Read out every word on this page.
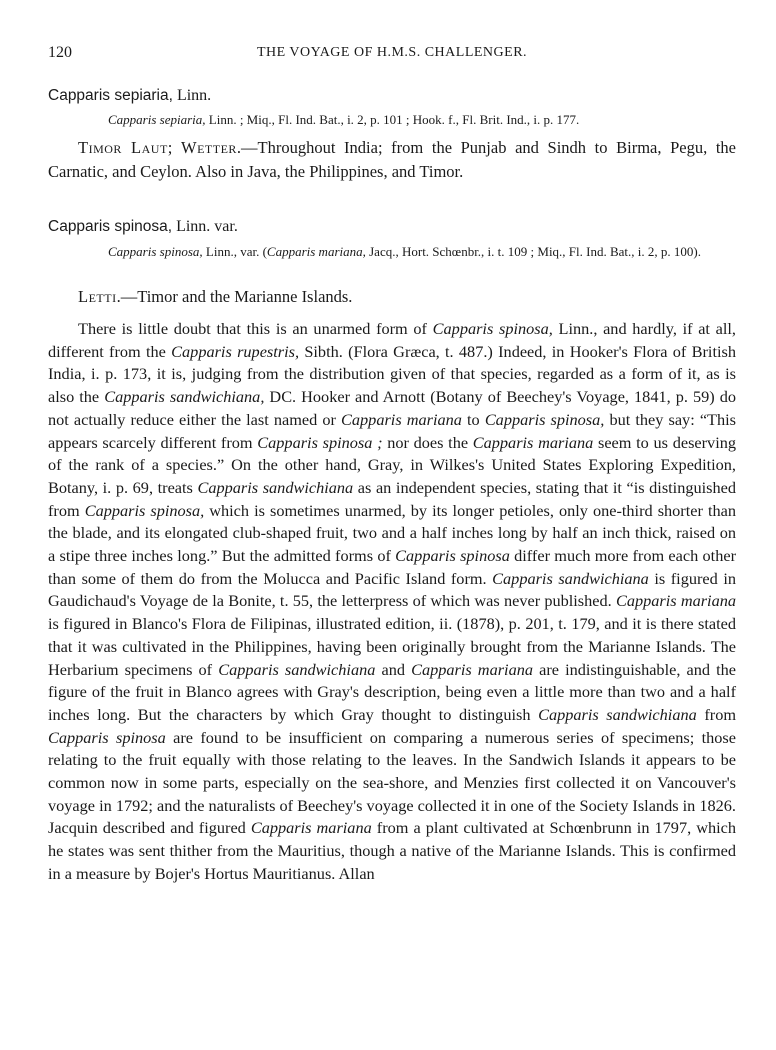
120	THE VOYAGE OF H.M.S. CHALLENGER.
Capparis sepiaria, Linn.
Capparis sepiaria, Linn. ; Miq., Fl. Ind. Bat., i. 2, p. 101 ; Hook. f., Fl. Brit. Ind., i. p. 177.
Timor Laut; Wetter.—Throughout India; from the Punjab and Sindh to Birma, Pegu, the Carnatic, and Ceylon. Also in Java, the Philippines, and Timor.
Capparis spinosa, Linn. var.
Capparis spinosa, Linn., var. (Capparis mariana, Jacq., Hort. Schœnbr., i. t. 109 ; Miq., Fl. Ind. Bat., i. 2, p. 100).
Letti.—Timor and the Marianne Islands.
There is little doubt that this is an unarmed form of Capparis spinosa, Linn., and hardly, if at all, different from the Capparis rupestris, Sibth. (Flora Græca, t. 487.) Indeed, in Hooker's Flora of British India, i. p. 173, it is, judging from the distribution given of that species, regarded as a form of it, as is also the Capparis sandwichiana, DC. Hooker and Arnott (Botany of Beechey's Voyage, 1841, p. 59) do not actually reduce either the last named or Capparis mariana to Capparis spinosa, but they say: “This appears scarcely different from Capparis spinosa ; nor does the Capparis mariana seem to us deserving of the rank of a species.” On the other hand, Gray, in Wilkes's United States Exploring Expedition, Botany, i. p. 69, treats Capparis sandwichiana as an independent species, stating that it “is distinguished from Capparis spinosa, which is sometimes unarmed, by its longer petioles, only one-third shorter than the blade, and its elongated club-shaped fruit, two and a half inches long by half an inch thick, raised on a stipe three inches long.” But the admitted forms of Capparis spinosa differ much more from each other than some of them do from the Molucca and Pacific Island form. Capparis sandwichiana is figured in Gaudichaud's Voyage de la Bonite, t. 55, the letterpress of which was never published. Capparis mariana is figured in Blanco's Flora de Filipinas, illustrated edition, ii. (1878), p. 201, t. 179, and it is there stated that it was cultivated in the Philippines, having been originally brought from the Marianne Islands. The Herbarium specimens of Capparis sandwichiana and Capparis mariana are indistinguishable, and the figure of the fruit in Blanco agrees with Gray's description, being even a little more than two and a half inches long. But the characters by which Gray thought to distinguish Capparis sandwichiana from Capparis spinosa are found to be insufficient on comparing a numerous series of specimens; those relating to the fruit equally with those relating to the leaves. In the Sandwich Islands it appears to be common now in some parts, especially on the sea-shore, and Menzies first collected it on Vancouver's voyage in 1792; and the naturalists of Beechey's voyage collected it in one of the Society Islands in 1826. Jacquin described and figured Capparis mariana from a plant cultivated at Schœnbrunn in 1797, which he states was sent thither from the Mauritius, though a native of the Marianne Islands. This is confirmed in a measure by Bojer's Hortus Mauritianus. Allan
